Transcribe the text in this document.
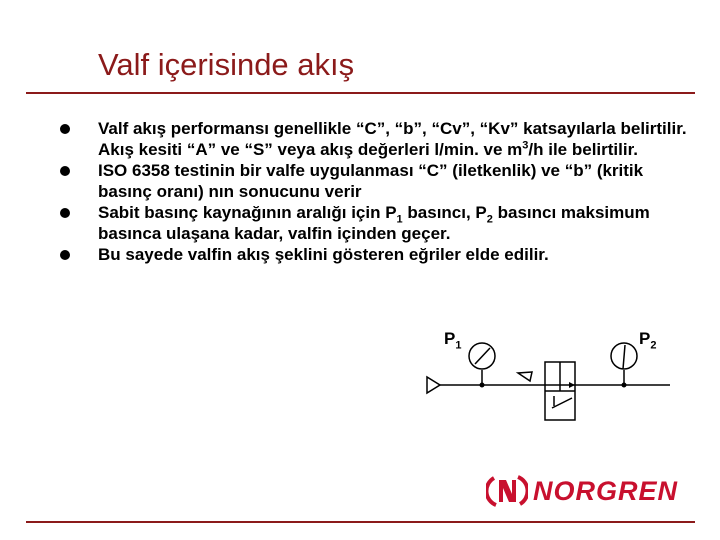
Valf içerisinde akış
Valf akış performansı genellikle “C”, “b”, “Cv”, “Kv” katsayılarla belirtilir. Akış kesiti “A” ve “S” veya akış değerleri l/min. ve $m^3/h$ ile belirtilir.
ISO 6358 testinin bir valfe uygulanması “C” (iletkenlik) ve “b” (kritik basınç oranı) nın sonucunu verir
Sabit basınç kaynağının aralığı için $P_1$ basıncı, $P_2$ basıncı maksimum basınca ulaşana kadar, valfin içinden geçer.
Bu sayede valfin akış şeklini gösteren eğriler elde edilir.
$P_1$	$P_2$
NORGREN
